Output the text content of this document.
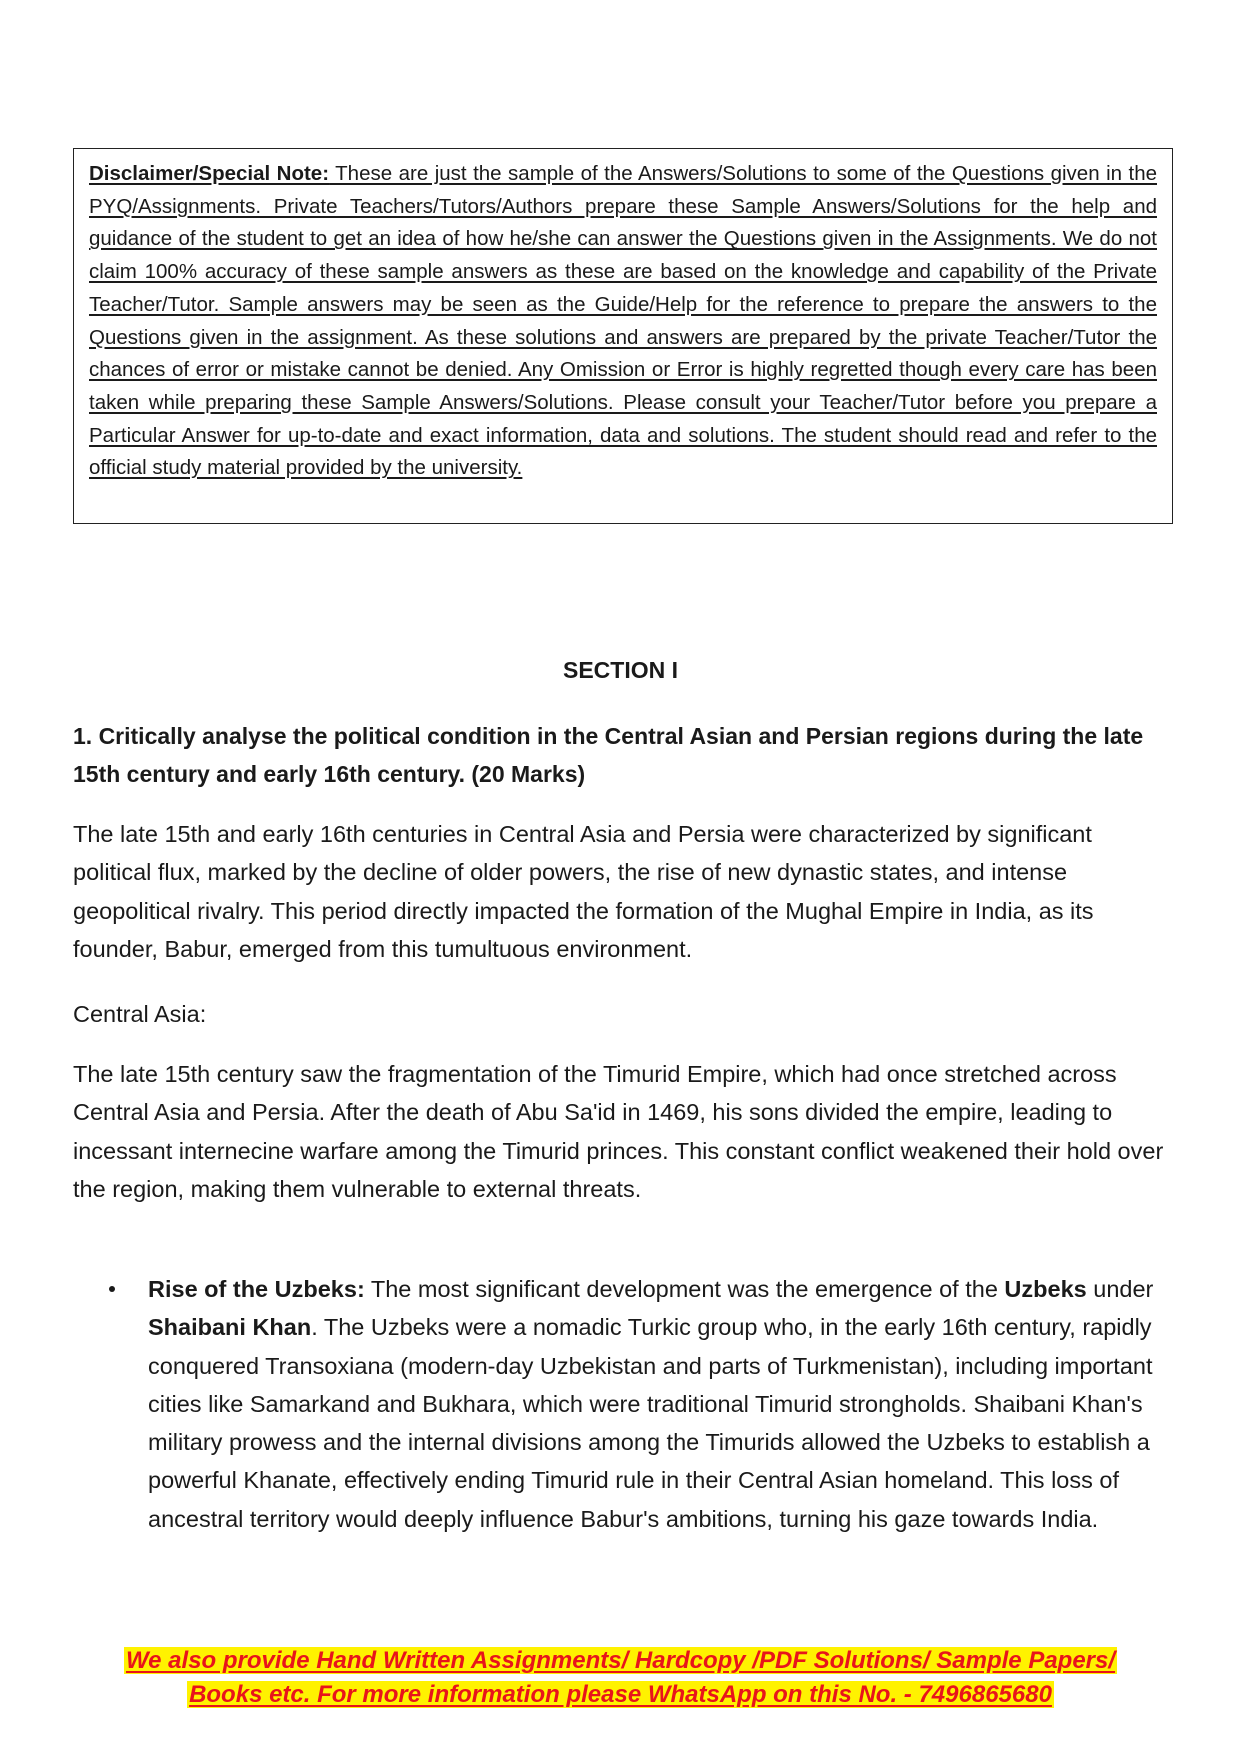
Disclaimer/Special Note: These are just the sample of the Answers/Solutions to some of the Questions given in the PYQ/Assignments. Private Teachers/Tutors/Authors prepare these Sample Answers/Solutions for the help and guidance of the student to get an idea of how he/she can answer the Questions given in the Assignments. We do not claim 100% accuracy of these sample answers as these are based on the knowledge and capability of the Private Teacher/Tutor. Sample answers may be seen as the Guide/Help for the reference to prepare the answers to the Questions given in the assignment. As these solutions and answers are prepared by the private Teacher/Tutor the chances of error or mistake cannot be denied. Any Omission or Error is highly regretted though every care has been taken while preparing these Sample Answers/Solutions. Please consult your Teacher/Tutor before you prepare a Particular Answer for up-to-date and exact information, data and solutions. The student should read and refer to the official study material provided by the university.
SECTION I
1. Critically analyse the political condition in the Central Asian and Persian regions during the late 15th century and early 16th century. (20 Marks)
The late 15th and early 16th centuries in Central Asia and Persia were characterized by significant political flux, marked by the decline of older powers, the rise of new dynastic states, and intense geopolitical rivalry. This period directly impacted the formation of the Mughal Empire in India, as its founder, Babur, emerged from this tumultuous environment.
Central Asia:
The late 15th century saw the fragmentation of the Timurid Empire, which had once stretched across Central Asia and Persia. After the death of Abu Sa'id in 1469, his sons divided the empire, leading to incessant internecine warfare among the Timurid princes. This constant conflict weakened their hold over the region, making them vulnerable to external threats.
Rise of the Uzbeks: The most significant development was the emergence of the Uzbeks under Shaibani Khan. The Uzbeks were a nomadic Turkic group who, in the early 16th century, rapidly conquered Transoxiana (modern-day Uzbekistan and parts of Turkmenistan), including important cities like Samarkand and Bukhara, which were traditional Timurid strongholds. Shaibani Khan's military prowess and the internal divisions among the Timurids allowed the Uzbeks to establish a powerful Khanate, effectively ending Timurid rule in their Central Asian homeland. This loss of ancestral territory would deeply influence Babur's ambitions, turning his gaze towards India.
We also provide Hand Written Assignments/ Hardcopy /PDF Solutions/ Sample Papers/
Books etc. For more information please WhatsApp on this No. - 7496865680
